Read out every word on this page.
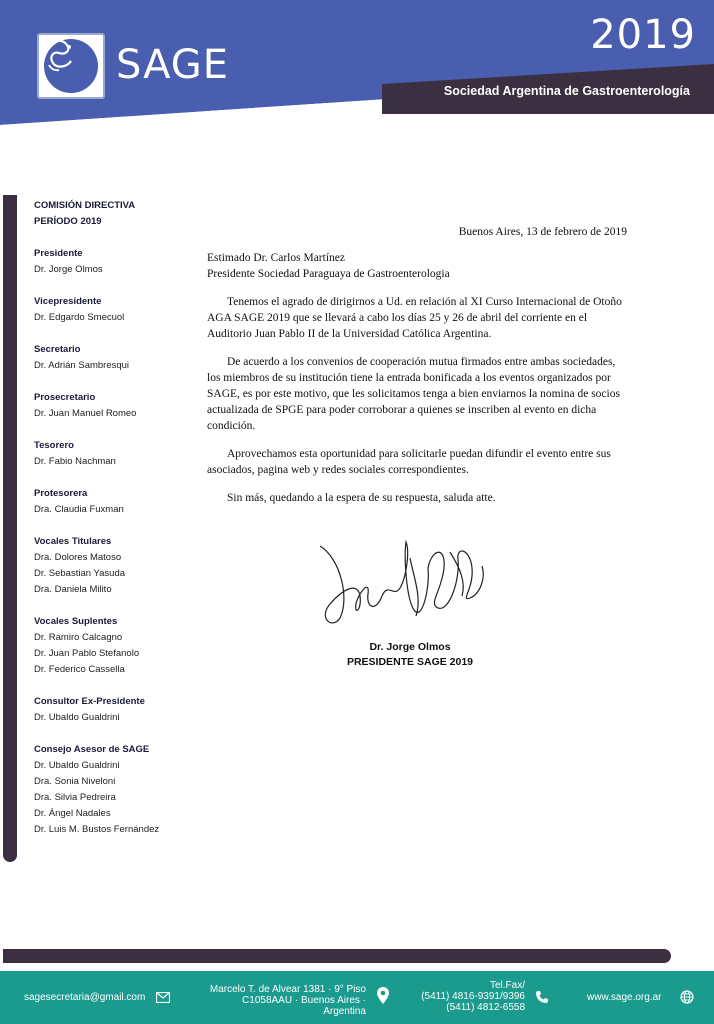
SAGE
2019
Sociedad Argentina de Gastroenterología
COMISIÓN DIRECTIVA
PERÍODO 2019
Presidente
Dr. Jorge Olmos
Vicepresidente
Dr. Edgardo Smecuol
Secretario
Dr. Adrián Sambresqui
Prosecretario
Dr. Juan Manuel Romeo
Tesorero
Dr. Fabio Nachman
Protesorera
Dra. Claudia Fuxman
Vocales Titulares
Dra. Dolores Matoso
Dr. Sebastian Yasuda
Dra. Daniela Milito
Vocales Suplentes
Dr. Ramiro Calcagno
Dr. Juan Pablo Stefanolo
Dr. Federico Cassella
Consultor Ex-Presidente
Dr. Ubaldo Gualdrini
Consejo Asesor de SAGE
Dr. Ubaldo Gualdrini
Dra. Sonia Niveloni
Dra. Silvia Pedreira
Dr. Ángel Nadales
Dr. Luis M. Bustos Fernández
Buenos Aires, 13 de febrero de 2019

Estimado Dr. Carlos Martínez

Presidente Sociedad Paraguaya de Gastroenterologia

Tenemos el agrado de dirigirnos a Ud. en relación al XI Curso Internacional de Otoño AGA SAGE 2019 que se llevará a cabo los días 25 y 26 de abril del corriente en el Auditorio Juan Pablo II de la Universidad Católica Argentina.

De acuerdo a los convenios de cooperación mutua firmados entre ambas sociedades, los miembros de su institución tiene la entrada bonificada a los eventos organizados por SAGE, es por este motivo, que les solicitamos tenga a bien enviarnos la nomina de socios actualizada de SPGE para poder corroborar a quienes se inscriben al evento en dicha condición.

Aprovechamos esta oportunidad para solicitarle puedan difundir el evento entre sus asociados, pagina web y redes sociales correspondientes.

Sin más, quedando a la espera de su respuesta, saluda atte.

Dr. Jorge Olmos
PRESIDENTE SAGE 2019
sagesecretaria@gmail.com
Marcelo T. de Alvear 1381 · 9° Piso
C1058AAU · Buenos Aires · Argentina
Tel.Fax/
(5411) 4816-9391/9396
(5411) 4812-6558
www.sage.org.ar
